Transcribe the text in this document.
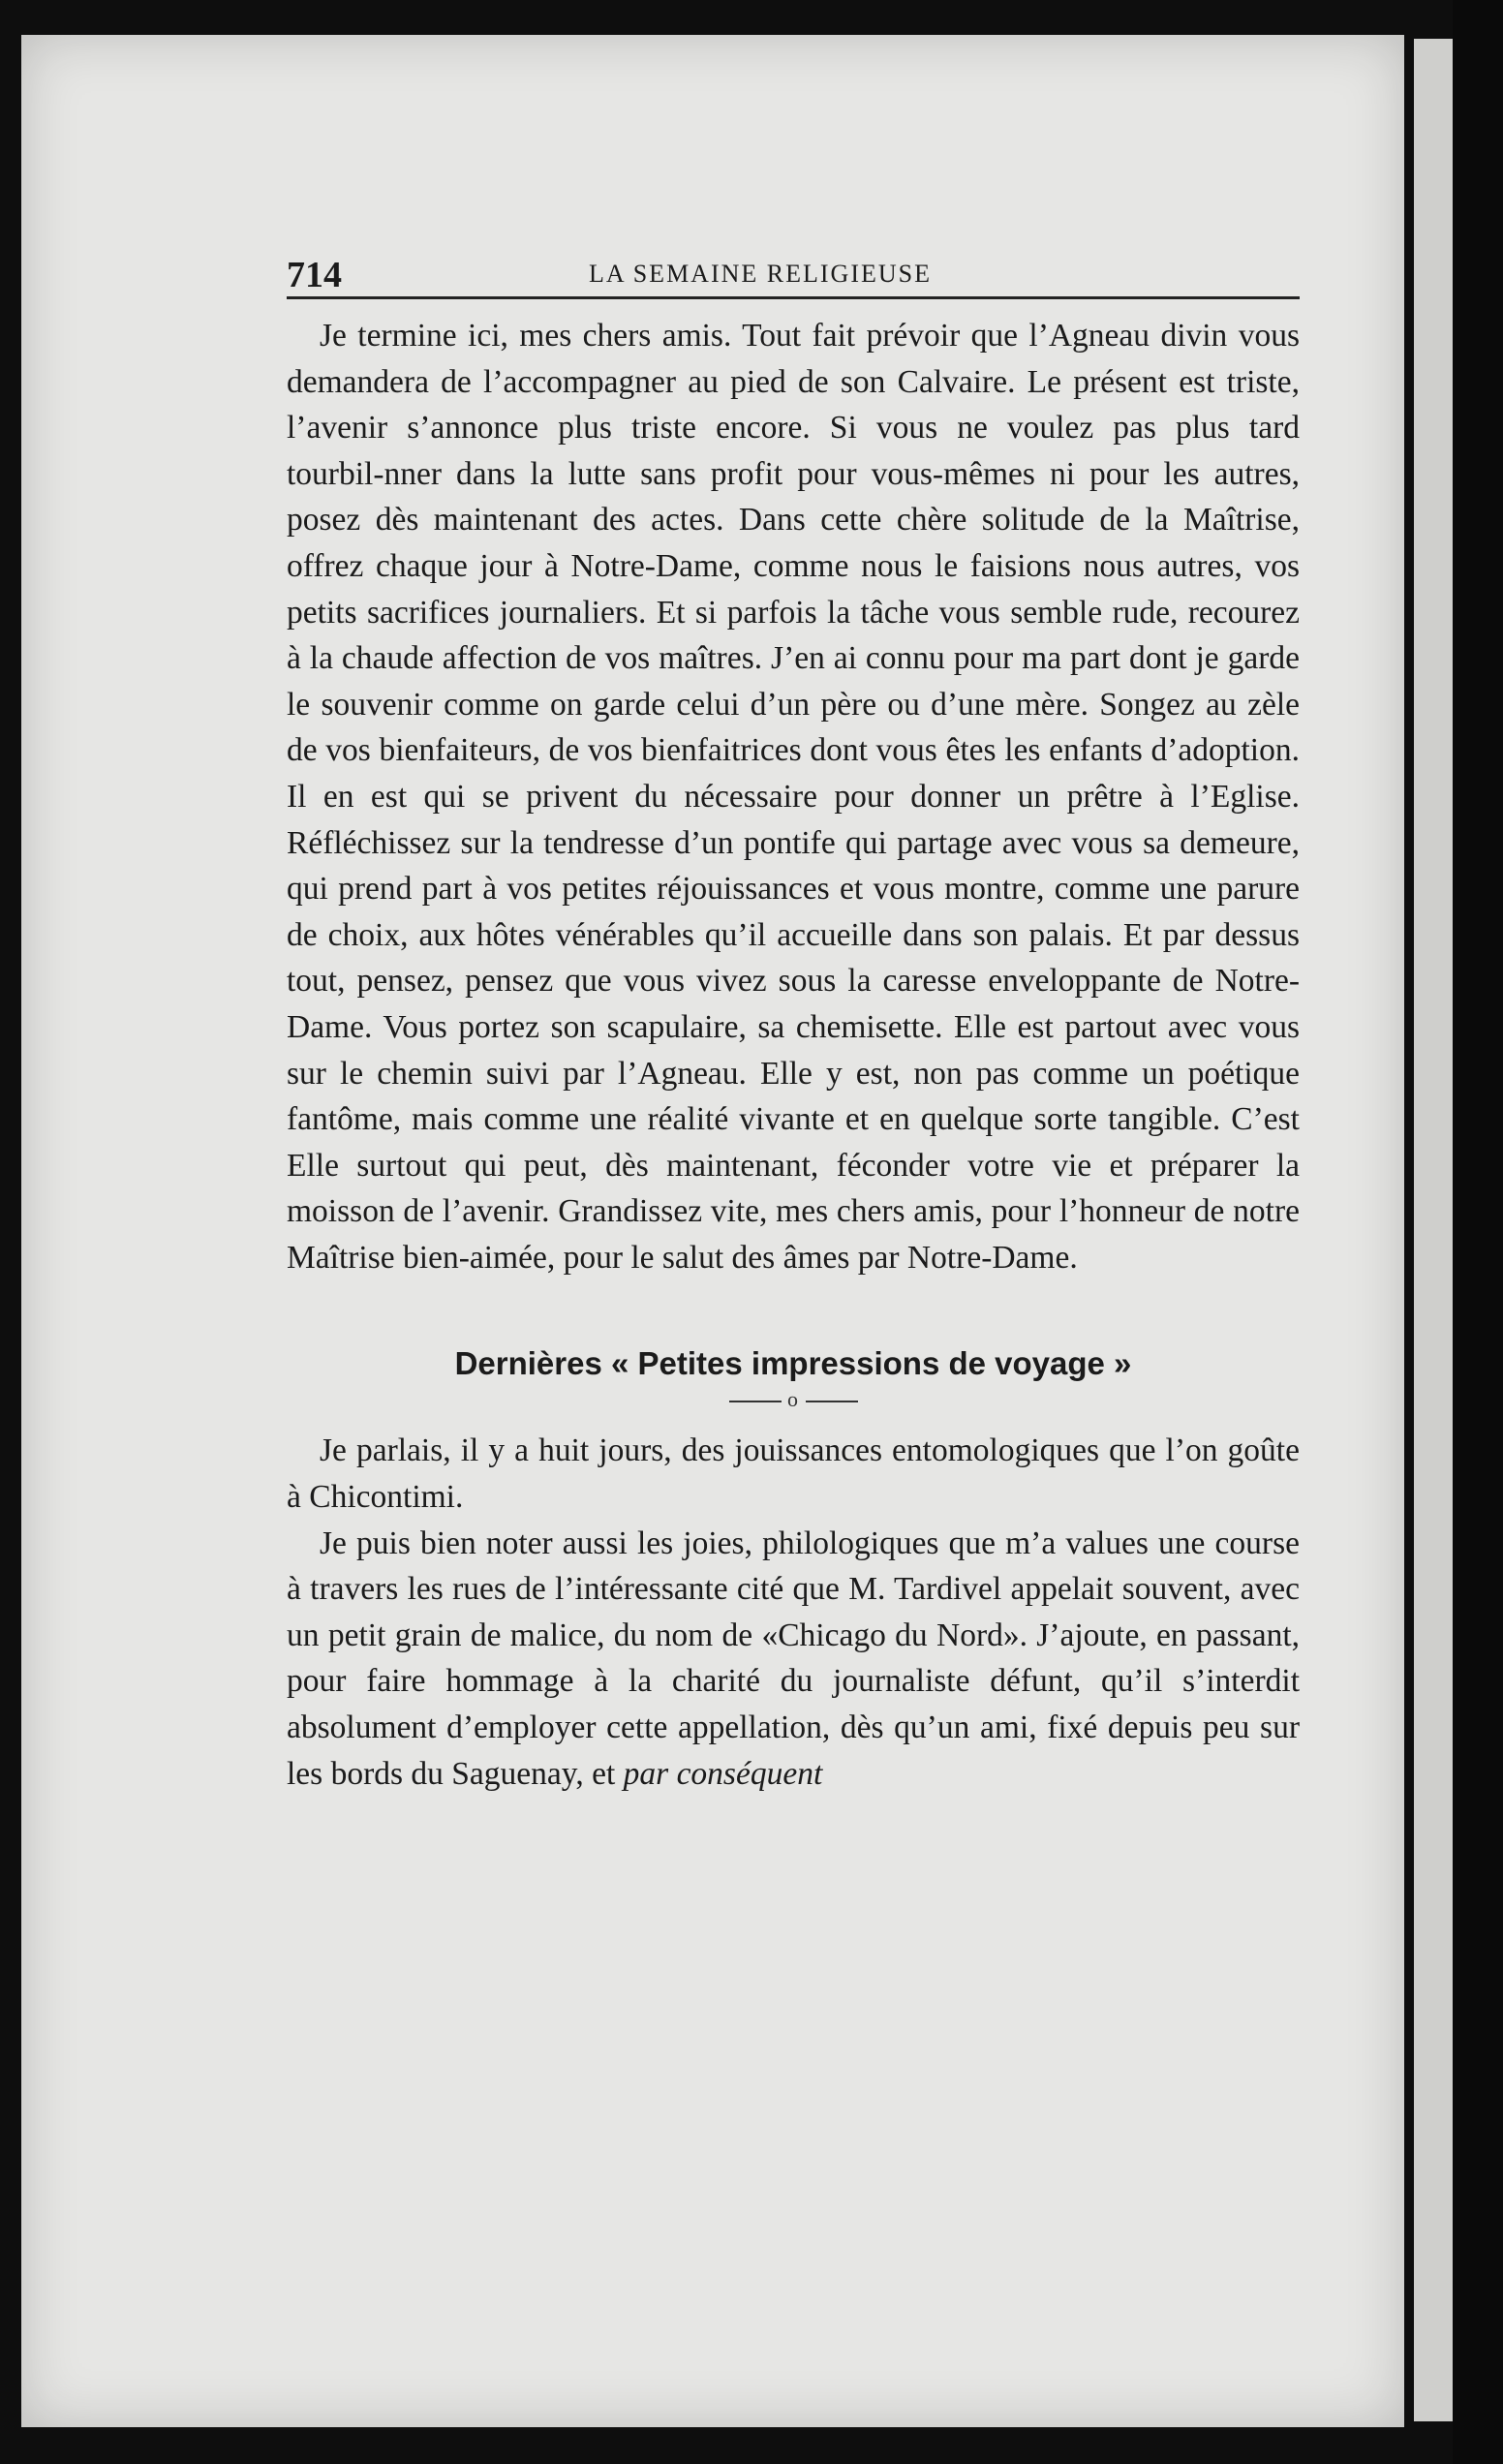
714	LA SEMAINE RELIGIEUSE

Je termine ici, mes chers amis. Tout fait prévoir que l’Agneau divin vous demandera de l’accompagner au pied de son Calvaire. Le présent est triste, l’avenir s’annonce plus triste encore. Si vous ne voulez pas plus tard tourbil‑nner dans la lutte sans profit pour vous-mêmes ni pour les autres, posez dès maintenant des actes. Dans cette chère solitude de la Maîtrise, offrez chaque jour à Notre-Dame, comme nous le faisions nous autres, vos petits sacrifices journaliers. Et si parfois la tâche vous semble rude, recourez à la chaude affection de vos maîtres. J’en ai connu pour ma part dont je garde le souvenir comme on garde celui d’un père ou d’une mère. Songez au zèle de vos bienfaiteurs, de vos bienfaitrices dont vous êtes les enfants d’adoption. Il en est qui se privent du nécessaire pour donner un prêtre à l’Eglise. Réfléchissez sur la tendresse d’un pontife qui partage avec vous sa demeure, qui prend part à vos petites réjouissances et vous montre, comme une parure de choix, aux hôtes vénérables qu’il accueille dans son palais. Et par dessus tout, pensez, pensez que vous vivez sous la caresse enveloppante de Notre-Dame. Vous portez son scapulaire, sa chemisette. Elle est partout avec vous sur le chemin suivi par l’Agneau. Elle y est, non pas comme un poétique fantôme, mais comme une réalité vivante et en quelque sorte tangible. C’est Elle surtout qui peut, dès maintenant, féconder votre vie et préparer la moisson de l’avenir. Grandissez vite, mes chers amis, pour l’honneur de notre Maîtrise bien-aimée, pour le salut des âmes par Notre-Dame.

Dernières « Petites impressions de voyage »
o

Je parlais, il y a huit jours, des jouissances entomologiques que l’on goûte à Chicontimi.

Je puis bien noter aussi les joies, philologiques que m’a values une course à travers les rues de l’intéressante cité que M. Tardivel appelait souvent, avec un petit grain de malice, du nom de «Chicago du Nord». J’ajoute, en passant, pour faire hommage à la charité du journaliste défunt, qu’il s’interdit absolument d’employer cette appellation, dès qu’un ami, fixé depuis peu sur les bords du Saguenay, et par conséquent
